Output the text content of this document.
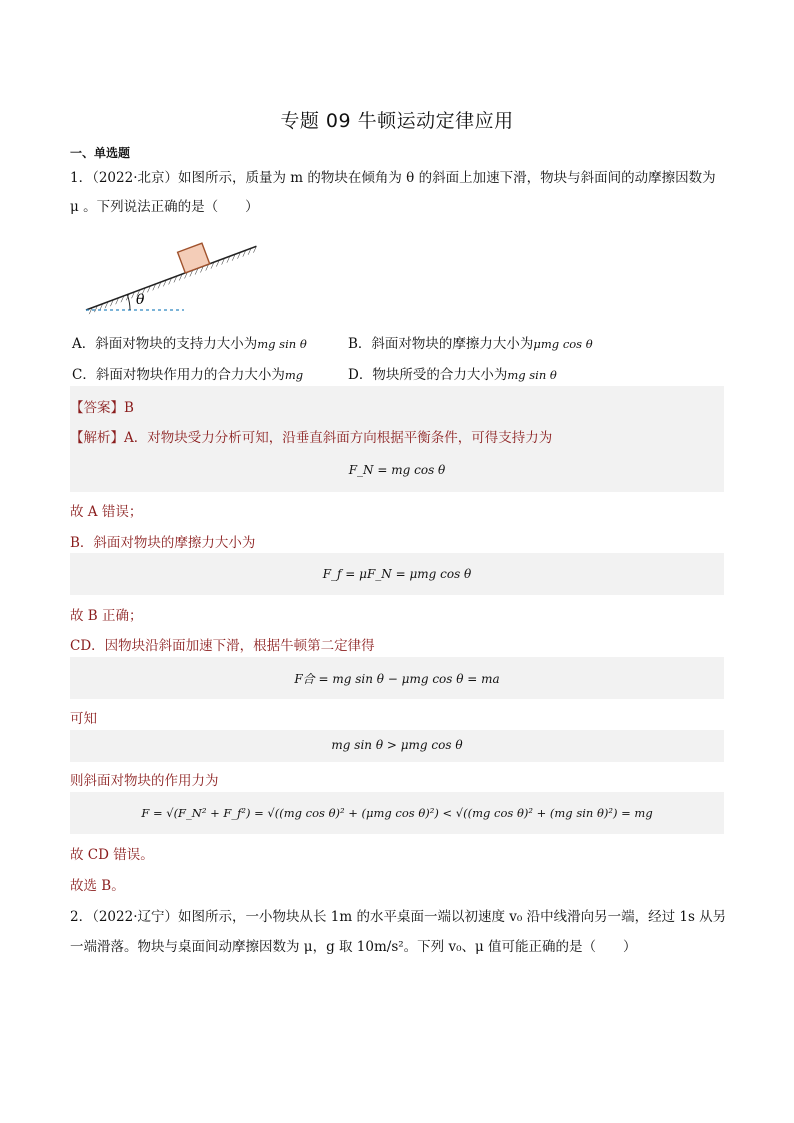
专题 09 牛顿运动定律应用
一、单选题
1．（2022·北京）如图所示，质量为 m 的物块在倾角为 θ 的斜面上加速下滑，物块与斜面间的动摩擦因数为
μ 。下列说法正确的是（　　）
θ
A．斜面对物块的支持力大小为mg sin θ	B．斜面对物块的摩擦力大小为μmg cos θ
C．斜面对物块作用力的合力大小为mg	D．物块所受的合力大小为mg sin θ
【答案】B
【解析】A．对物块受力分析可知，沿垂直斜面方向根据平衡条件，可得支持力为
F_N = mg cos θ
故 A 错误；
B．斜面对物块的摩擦力大小为
F_f = μF_N = μmg cos θ
故 B 正确；
CD．因物块沿斜面加速下滑，根据牛顿第二定律得
F合 = mg sin θ − μmg cos θ = ma
可知
mg sin θ > μmg cos θ
则斜面对物块的作用力为
F = √(F_N² + F_f²) = √((mg cos θ)² + (μmg cos θ)²) < √((mg cos θ)² + (mg sin θ)²) = mg
故 CD 错误。
故选 B。
2．（2022·辽宁）如图所示，一小物块从长 1m 的水平桌面一端以初速度 v₀ 沿中线滑向另一端，经过 1s 从另
一端滑落。物块与桌面间动摩擦因数为 μ，g 取 10m/s²。下列 v₀、μ 值可能正确的是（　　）
